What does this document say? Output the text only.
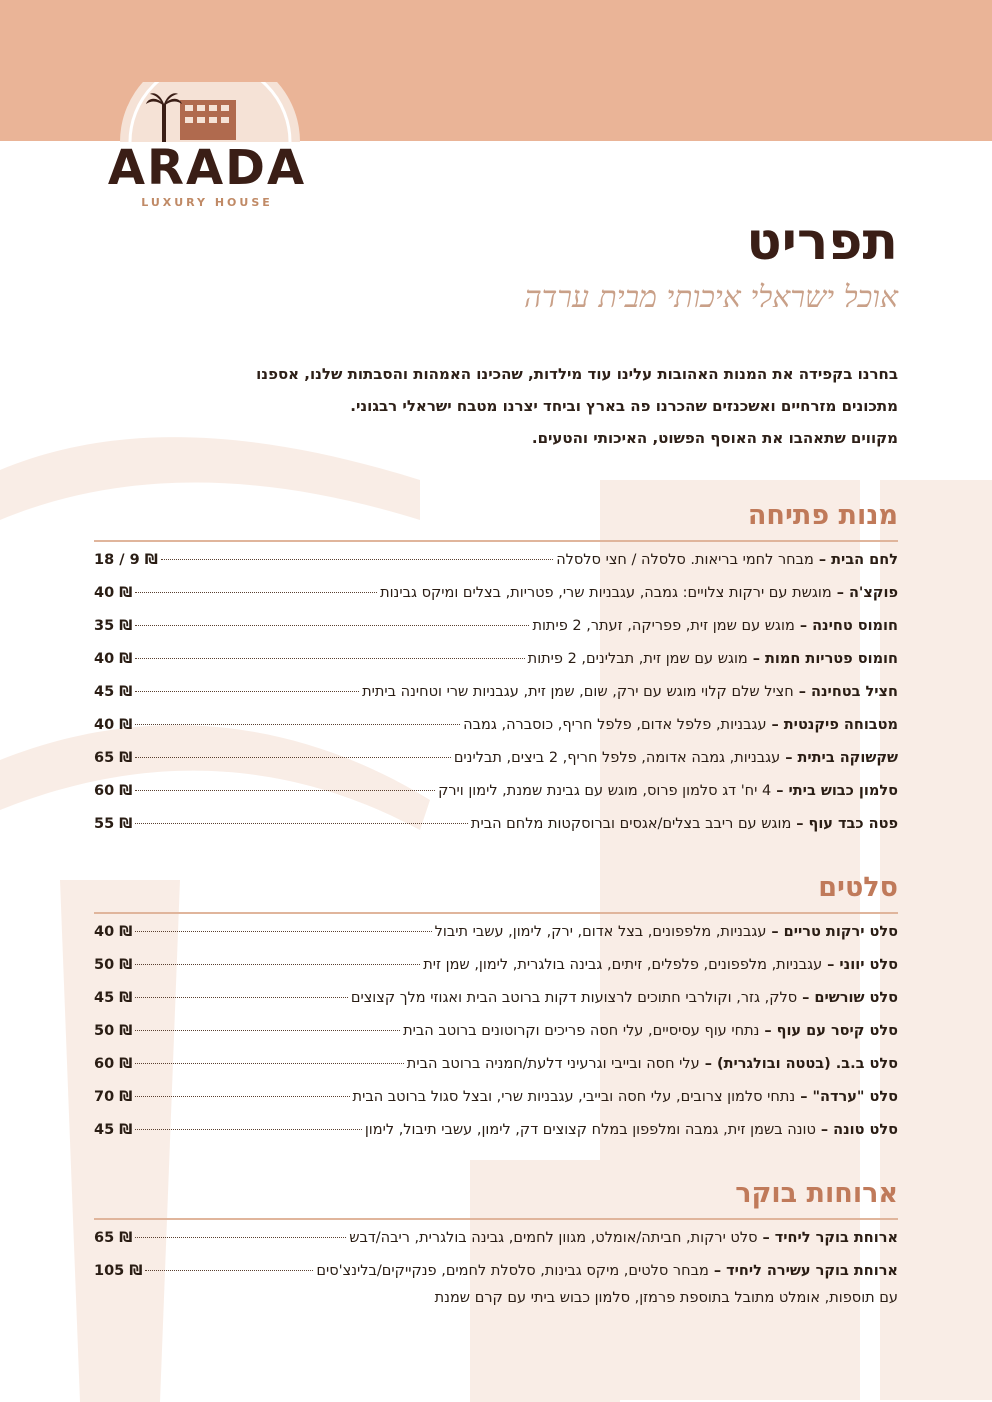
ARADA
LUXURY HOUSE
תפריט
אוכל ישראלי איכותי מבית ערדה
בחרנו בקפידה את המנות האהובות עלינו עוד מילדות, שהכינו האמהות והסבתות שלנו, אספנו
מתכונים מזרחיים ואשכנזים שהכרנו פה בארץ וביחד יצרנו מטבח ישראלי רבגוני.
מקווים שתאהבו את האוסף הפשוט, האיכותי והטעים.
מנות פתיחה
לחם הבית
–
מבחר לחמי בריאות. סלסלה / חצי סלסלה
18 / 9 ₪
פוקצ'ה
–
מוגשת עם ירקות צלויים: גמבה, עגבניות שרי, פטריות, בצלים ומיקס גבינות
40 ₪
חומוס טחינה
–
מוגש עם שמן זית, פפריקה, זעתר, 2 פיתות
35 ₪
חומוס פטריות חמות
–
מוגש עם שמן זית, תבלינים, 2 פיתות
40 ₪
חציל בטחינה
–
חציל שלם קלוי מוגש עם ירק, שום, שמן זית, עגבניות שרי וטחינה ביתית
45 ₪
מטבוחה פיקנטית
–
עגבניות, פלפל אדום, פלפל חריף, כוסברה, גמבה
40 ₪
שקשוקה ביתית
–
עגבניות, גמבה אדומה, פלפל חריף, 2 ביצים, תבלינים
65 ₪
סלמון כבוש ביתי
–
4 יח' דג סלמון פרוס, מוגש עם גבינת שמנת, לימון וירק
60 ₪
פטה כבד עוף
–
מוגש עם ריבב בצלים/אגסים וברוסקטות מלחם הבית
55 ₪
סלטים
סלט ירקות טריים
–
עגבניות, מלפפונים, בצל אדום, ירק, לימון, עשבי תיבול
40 ₪
סלט יווני
–
עגבניות, מלפפונים, פלפלים, זיתים, גבינה בולגרית, לימון, שמן זית
50 ₪
סלט שורשים
–
סלק, גזר, וקולרבי חתוכים לרצועות דקות ברוטב הבית ואגוזי מלך קצוצים
45 ₪
סלט קיסר עם עוף
–
נתחי עוף עסיסיים, עלי חסה פריכים וקרוטונים ברוטב הבית
50 ₪
סלט ב.ב. (בטטה ובולגרית)
–
עלי חסה ובייבי וגרעיני דלעת/חמניה ברוטב הבית
60 ₪
סלט "ערדה"
–
נתחי סלמון צרובים, עלי חסה ובייבי, עגבניות שרי, ובצל סגול ברוטב הבית
70 ₪
סלט טונה
–
טונה בשמן זית, גמבה ומלפפון במלח קצוצים דק, לימון, עשבי תיבול, לימון
45 ₪
ארוחות בוקר
ארוחת בוקר ליחיד
–
סלט ירקות, חביתה/אומלט, מגוון לחמים, גבינה בולגרית, ריבה/דבש
65 ₪
ארוחת בוקר עשירה ליחיד
–
מבחר סלטים, מיקס גבינות, סלסלת לחמים, פנקייקים/בלינצ'סים
105 ₪
עם תוספות, אומלט מתובל בתוספת פרמזן, סלמון כבוש ביתי עם קרם שמנת
